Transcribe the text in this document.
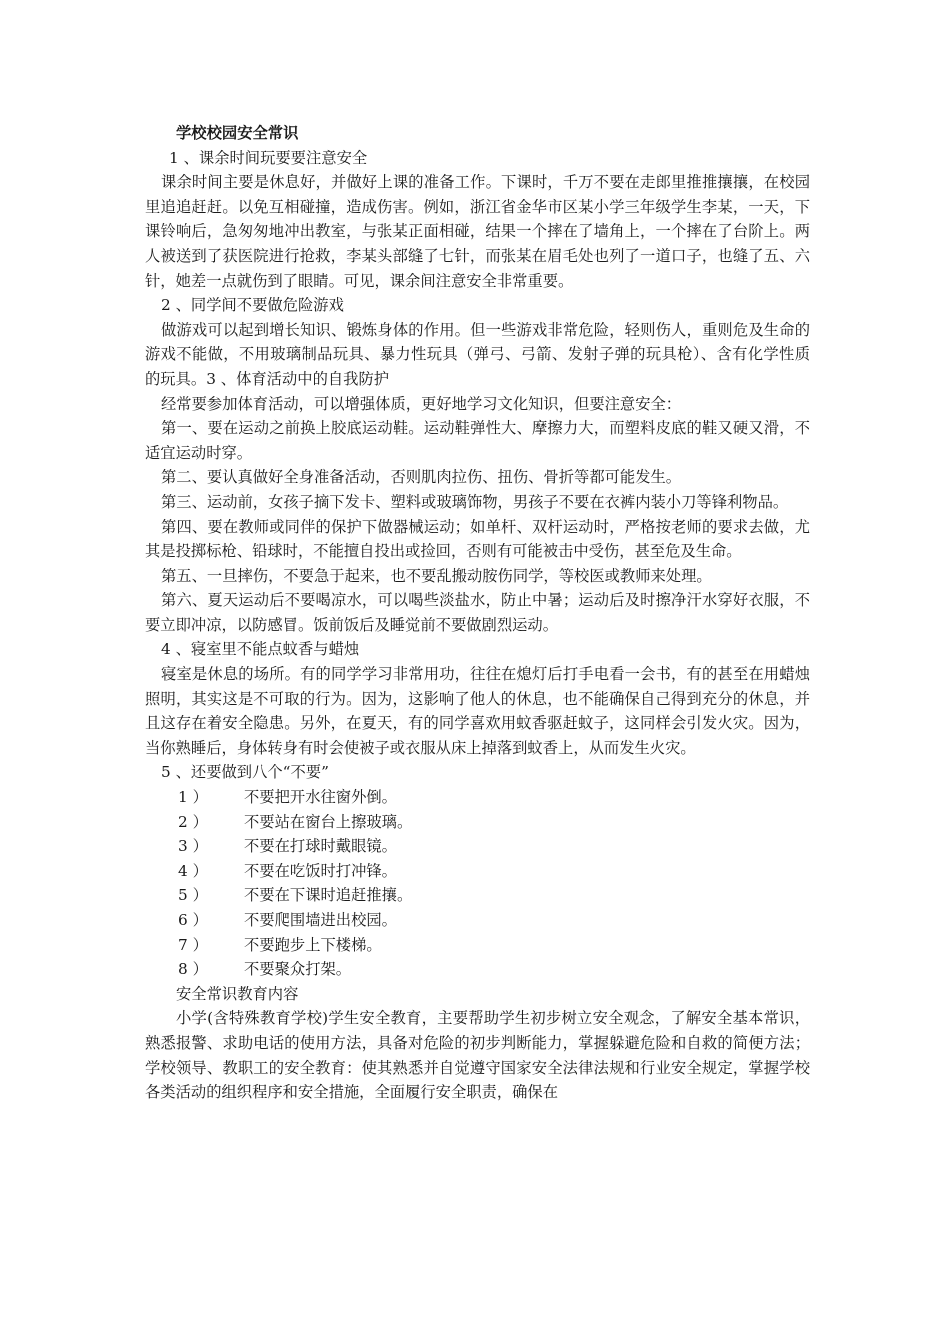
学校校园安全常识
1 、课余时间玩要要注意安全
课余时间主要是休息好，并做好上课的准备工作。下课时，千万不要在走郎里推推攘攘，在校园里追追赶赶。以免互相碰撞，造成伤害。例如，浙江省金华市区某小学三年级学生李某，一天，下课铃响后，急匆匆地冲出教室，与张某正面相碰，结果一个摔在了墙角上，一个摔在了台阶上。两人被送到了获医院进行抢救，李某头部缝了七针，而张某在眉毛处也列了一道口子，也缝了五、六针，她差一点就伤到了眼睛。可见，课余间注意安全非常重要。
2 、同学间不要做危险游戏
做游戏可以起到增长知识、锻炼身体的作用。但一些游戏非常危险，轻则伤人，重则危及生命的游戏不能做，不用玻璃制品玩具、暴力性玩具（弹弓、弓箭、发射子弹的玩具枪）、含有化学性质的玩具。3 、体育活动中的自我防护
经常要参加体育活动，可以增强体质，更好地学习文化知识，但要注意安全：
第一、要在运动之前换上胶底运动鞋。运动鞋弹性大、摩擦力大，而塑料皮底的鞋又硬又滑，不适宜运动时穿。
第二、要认真做好全身准备活动，否则肌肉拉伤、扭伤、骨折等都可能发生。
第三、运动前，女孩子摘下发卡、塑料或玻璃饰物，男孩子不要在衣裤内装小刀等锋利物品。
第四、要在教师或同伴的保护下做器械运动；如单杆、双杆运动时，严格按老师的要求去做，尤其是投掷标枪、铅球时，不能擅自投出或捡回，否则有可能被击中受伤，甚至危及生命。
第五、一旦摔伤，不要急于起来，也不要乱搬动胺伤同学，等校医或教师来处理。
第六、夏天运动后不要喝凉水，可以喝些淡盐水，防止中暑；运动后及时擦净汗水穿好衣服，不要立即冲凉，以防感冒。饭前饭后及睡觉前不要做剧烈运动。
4 、寝室里不能点蚊香与蜡烛
寝室是休息的场所。有的同学学习非常用功，往往在熄灯后打手电看一会书，有的甚至在用蜡烛照明，其实这是不可取的行为。因为，这影响了他人的休息，也不能确保自己得到充分的休息，并且这存在着安全隐患。另外，在夏天，有的同学喜欢用蚊香驱赶蚊子，这同样会引发火灾。因为，当你熟睡后，身体转身有时会使被子或衣服从床上掉落到蚊香上，从而发生火灾。
5 、还要做到八个“不要”
1 ）	不要把开水往窗外倒。
2 ）	不要站在窗台上擦玻璃。
3 ）	不要在打球时戴眼镜。
4 ）	不要在吃饭时打冲锋。
5 ）	不要在下课时追赶推攘。
6 ）	不要爬围墙进出校园。
7 ）	不要跑步上下楼梯。
8 ）	不要聚众打架。
安全常识教育内容
小学(含特殊教育学校)学生安全教育，主要帮助学生初步树立安全观念，了解安全基本常识，熟悉报警、求助电话的使用方法，具备对危险的初步判断能力，掌握躲避危险和自救的简便方法；学校领导、教职工的安全教育：使其熟悉并自觉遵守国家安全法律法规和行业安全规定，掌握学校各类活动的组织程序和安全措施，全面履行安全职责，确保在
